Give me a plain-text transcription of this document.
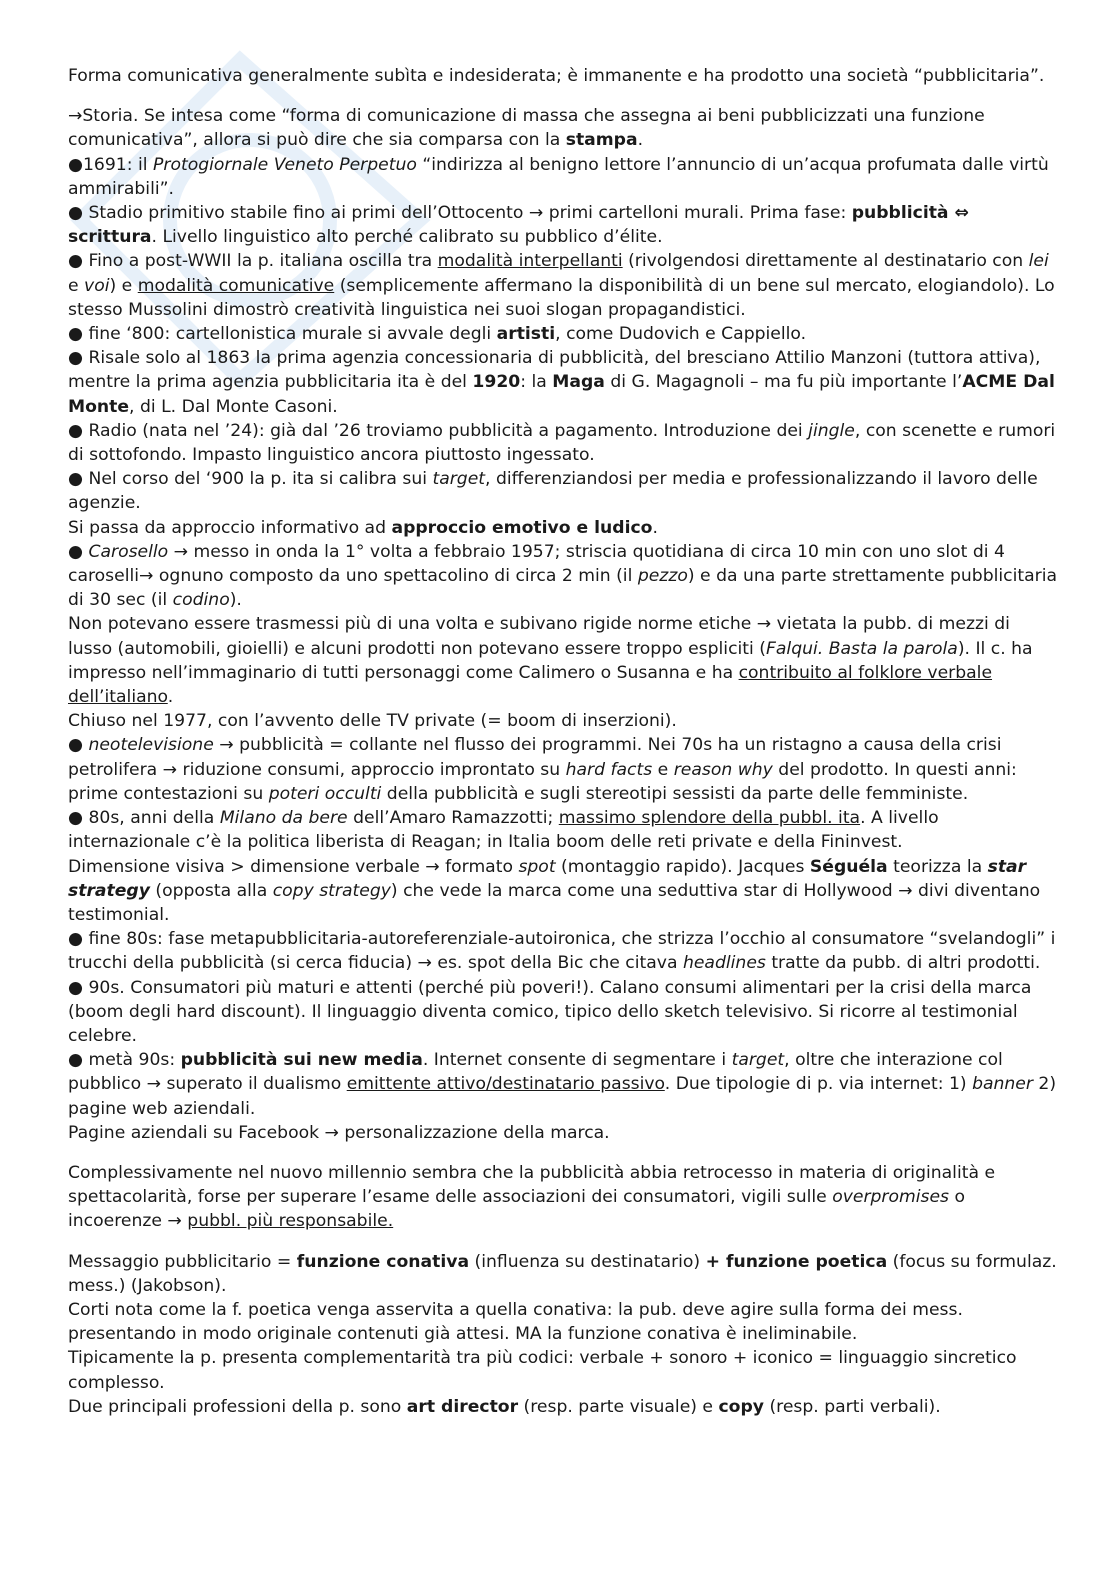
Forma comunicativa generalmente subìta e indesiderata; è immanente e ha prodotto una società “pubblicitaria”.

→Storia. Se intesa come “forma di comunicazione di massa che assegna ai beni pubblicizzati una funzione comunicativa”, allora si può dire che sia comparsa con la stampa.

●1691: il Protogiornale Veneto Perpetuo “indirizza al benigno lettore l’annuncio di un’acqua profumata dalle virtù ammirabili”.

● Stadio primitivo stabile fino ai primi dell’Ottocento → primi cartelloni murali. Prima fase: pubblicità ⇔ scrittura. Livello linguistico alto perché calibrato su pubblico d’élite.

● Fino a post-WWII la p. italiana oscilla tra modalità interpellanti (rivolgendosi direttamente al destinatario con lei e voi) e modalità comunicative (semplicemente affermano la disponibilità di un bene sul mercato, elogiandolo). Lo stesso Mussolini dimostrò creatività linguistica nei suoi slogan propagandistici.

● fine ‘800: cartellonistica murale si avvale degli artisti, come Dudovich e Cappiello.

● Risale solo al 1863 la prima agenzia concessionaria di pubblicità, del bresciano Attilio Manzoni (tuttora attiva), mentre la prima agenzia pubblicitaria ita è del 1920: la Maga di G. Magagnoli – ma fu più importante l’ACME Dal Monte, di L. Dal Monte Casoni.

● Radio (nata nel ’24): già dal ’26 troviamo pubblicità a pagamento. Introduzione dei jingle, con scenette e rumori di sottofondo. Impasto linguistico ancora piuttosto ingessato.

● Nel corso del ‘900 la p. ita si calibra sui target, differenziandosi per media e professionalizzando il lavoro delle agenzie.

Si passa da approccio informativo ad approccio emotivo e ludico.

● Carosello → messo in onda la 1° volta a febbraio 1957; striscia quotidiana di circa 10 min con uno slot di 4 caroselli→ ognuno composto da uno spettacolino di circa 2 min (il pezzo) e da una parte strettamente pubblicitaria di 30 sec (il codino).

Non potevano essere trasmessi più di una volta e subivano rigide norme etiche → vietata la pubb. di mezzi di lusso (automobili, gioielli) e alcuni prodotti non potevano essere troppo espliciti (Falqui. Basta la parola). Il c. ha impresso nell’immaginario di tutti personaggi come Calimero o Susanna e ha contribuito al folklore verbale dell’italiano.

Chiuso nel 1977, con l’avvento delle TV private (= boom di inserzioni).

● neotelevisione → pubblicità = collante nel flusso dei programmi. Nei 70s ha un ristagno a causa della crisi petrolifera → riduzione consumi, approccio improntato su hard facts e reason why del prodotto. In questi anni: prime contestazioni su poteri occulti della pubblicità e sugli stereotipi sessisti da parte delle femministe.

● 80s, anni della Milano da bere dell’Amaro Ramazzotti; massimo splendore della pubbl. ita. A livello internazionale c’è la politica liberista di Reagan; in Italia boom delle reti private e della Fininvest.

Dimensione visiva > dimensione verbale → formato spot (montaggio rapido). Jacques Séguéla teorizza la star strategy (opposta alla copy strategy) che vede la marca come una seduttiva star di Hollywood → divi diventano testimonial.

● fine 80s: fase metapubblicitaria-autoreferenziale-autoironica, che strizza l’occhio al consumatore “svelandogli” i trucchi della pubblicità (si cerca fiducia) → es. spot della Bic che citava headlines tratte da pubb. di altri prodotti.

● 90s. Consumatori più maturi e attenti (perché più poveri!). Calano consumi alimentari per la crisi della marca (boom degli hard discount). Il linguaggio diventa comico, tipico dello sketch televisivo. Si ricorre al testimonial celebre.

● metà 90s: pubblicità sui new media. Internet consente di segmentare i target, oltre che interazione col pubblico → superato il dualismo emittente attivo/destinatario passivo. Due tipologie di p. via internet: 1) banner 2) pagine web aziendali.

Pagine aziendali su Facebook → personalizzazione della marca.

Complessivamente nel nuovo millennio sembra che la pubblicità abbia retrocesso in materia di originalità e spettacolarità, forse per superare l’esame delle associazioni dei consumatori, vigili sulle overpromises o incoerenze → pubbl. più responsabile.

Messaggio pubblicitario = funzione conativa (influenza su destinatario) + funzione poetica (focus su formulaz. mess.) (Jakobson).

Corti nota come la f. poetica venga asservita a quella conativa: la pub. deve agire sulla forma dei mess. presentando in modo originale contenuti già attesi. MA la funzione conativa è ineliminabile.

Tipicamente la p. presenta complementarità tra più codici: verbale + sonoro + iconico = linguaggio sincretico complesso.

Due principali professioni della p. sono art director (resp. parte visuale) e copy (resp. parti verbali).
